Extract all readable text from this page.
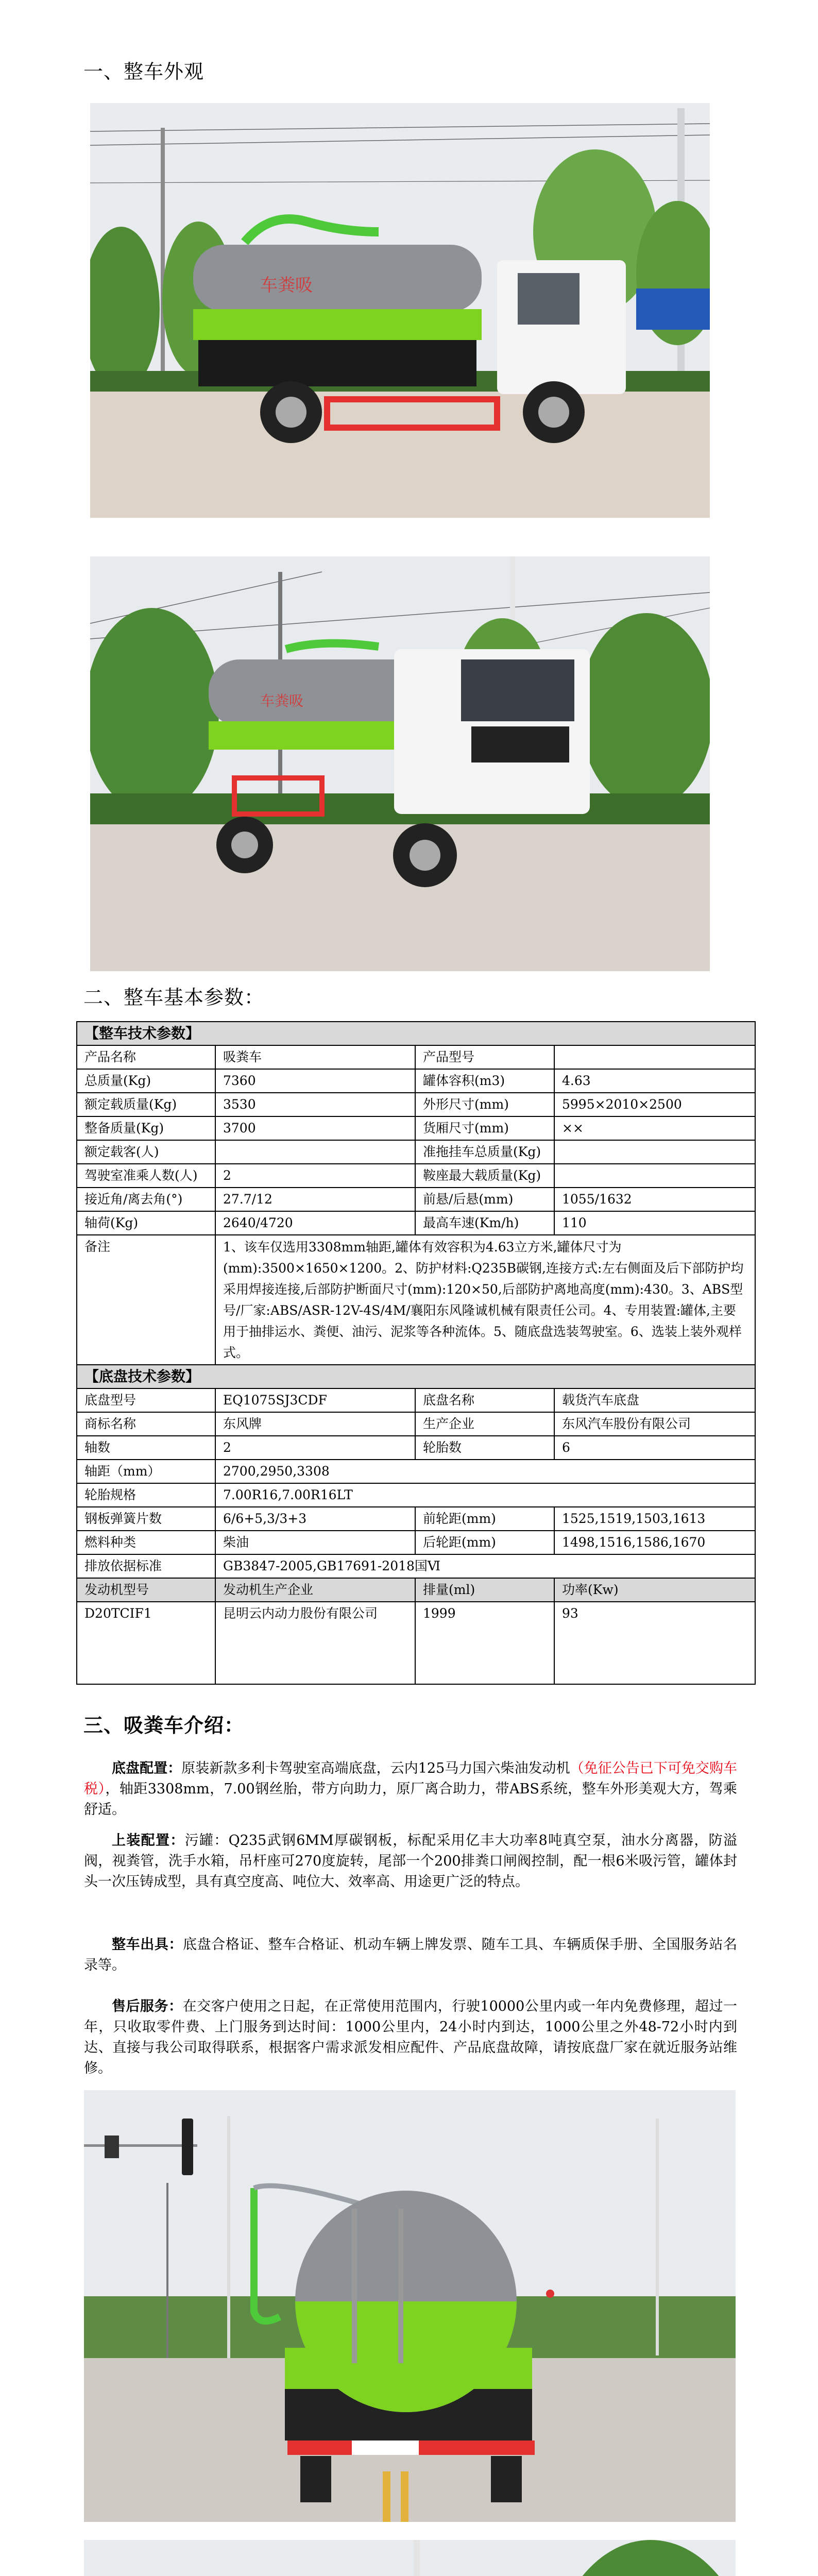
一、整车外观
车粪吸
车粪吸
二、整车基本参数：
【整车技术参数】			
产品名称	吸粪车	产品型号	
总质量(Kg)	7360	罐体容积(m3)	4.63
额定载质量(Kg)	3530	外形尺寸(mm)	5995×2010×2500
整备质量(Kg)	3700	货厢尺寸(mm)	××
额定载客(人)		准拖挂车总质量(Kg)	
驾驶室准乘人数(人)	2	鞍座最大载质量(Kg)	
接近角/离去角(°)	27.7/12	前悬/后悬(mm)	1055/1632
轴荷(Kg)	2640/4720	最高车速(Km/h)	110
备注	1、该车仅选用3308mm轴距,罐体有效容积为4.63立方米,罐体尺寸为(mm):3500×1650×1200。2、防护材料:Q235B碳钢,连接方式:左右侧面及后下部防护均采用焊接连接,后部防护断面尺寸(mm):120×50,后部防护离地高度(mm):430。3、ABS型号/厂家:ABS/ASR-12V-4S/4M/襄阳东风隆诚机械有限责任公司。4、专用装置:罐体,主要用于抽排运水、粪便、油污、泥浆等各种流体。5、随底盘选装驾驶室。6、选装上装外观样式。		
【底盘技术参数】			
底盘型号	EQ1075SJ3CDF	底盘名称	载货汽车底盘
商标名称	东风牌	生产企业	东风汽车股份有限公司
轴数	2	轮胎数	6
轴距（mm）	2700,2950,3308		
轮胎规格	7.00R16,7.00R16LT		
钢板弹簧片数	6/6+5,3/3+3	前轮距(mm)	1525,1519,1503,1613
燃料种类	柴油	后轮距(mm)	1498,1516,1586,1670
排放依据标准	GB3847-2005,GB17691-2018国Ⅵ		
发动机型号	发动机生产企业	排量(ml)	功率(Kw)
D20TCIF1	昆明云内动力股份有限公司	1999	93
三、吸粪车介绍：

底盘配置：原装新款多利卡驾驶室高端底盘，云内125马力国六柴油发动机（免征公告已下可免交购车税），轴距3308mm，7.00钢丝胎，带方向助力，原厂离合助力，带ABS系统，整车外形美观大方，驾乘舒适。

上装配置：污罐：Q235武钢6MM厚碳钢板，标配采用亿丰大功率8吨真空泵，油水分离器，防溢阀，视粪管，洗手水箱，吊杆座可270度旋转，尾部一个200排粪口闸阀控制，配一根6米吸污管，罐体封头一次压铸成型，具有真空度高、吨位大、效率高、用途更广泛的特点。

整车出具：底盘合格证、整车合格证、机动车辆上牌发票、随车工具、车辆质保手册、全国服务站名录等。

售后服务：在交客户使用之日起，在正常使用范围内，行驶10000公里内或一年内免费修理，超过一年，只收取零件费、上门服务到达时间：1000公里内，24小时内到达，1000公里之外48-72小时内到达、直接与我公司取得联系，根据客户需求派发相应配件、产品底盘故障，请按底盘厂家在就近服务站维修。
